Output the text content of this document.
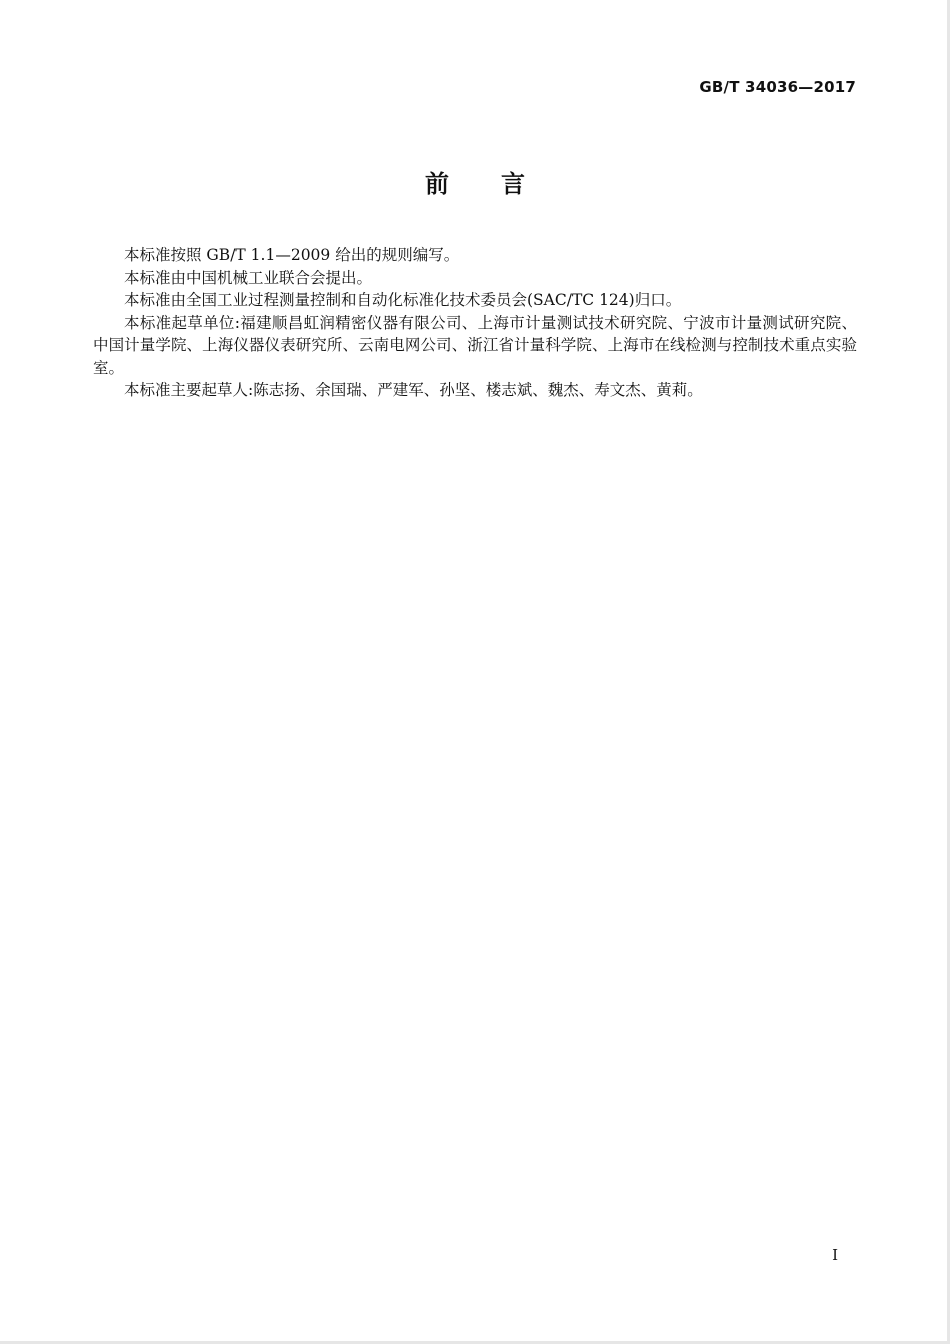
GB/T 34036—2017
前言

本标准按照 GB/T 1.1—2009 给出的规则编写。

本标准由中国机械工业联合会提出。

本标准由全国工业过程测量控制和自动化标准化技术委员会(SAC/TC 124)归口。

本标准起草单位:福建顺昌虹润精密仪器有限公司、上海市计量测试技术研究院、宁波市计量测试研究院、中国计量学院、上海仪器仪表研究所、云南电网公司、浙江省计量科学院、上海市在线检测与控制技术重点实验室。

本标准主要起草人:陈志扬、余国瑞、严建军、孙坚、楼志斌、魏杰、寿文杰、黄莉。

I
